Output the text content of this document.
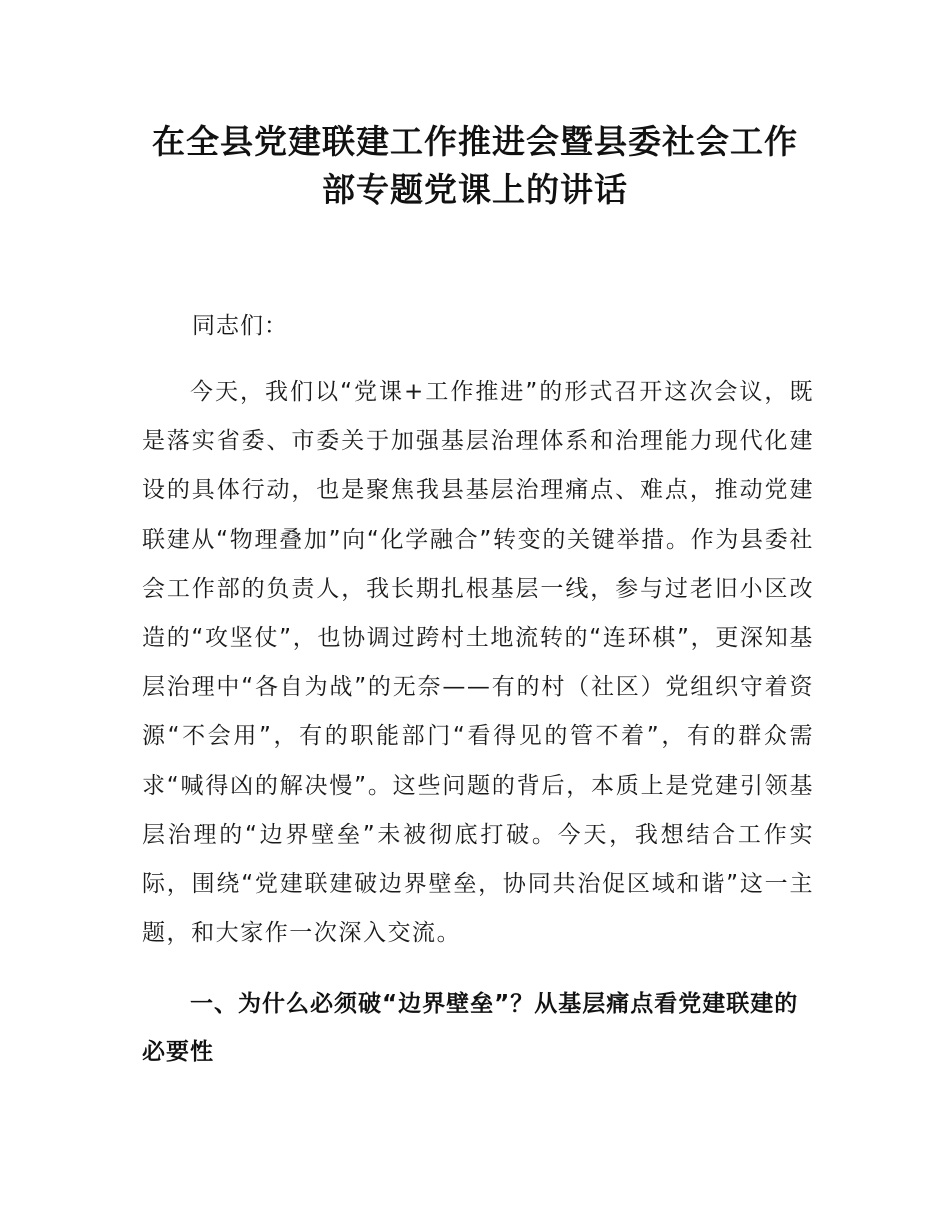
在全县党建联建工作推进会暨县委社会工作
部专题党课上的讲话

同志们：

今天，我们以“党课+工作推进”的形式召开这次会议，既是落实省委、市委关于加强基层治理体系和治理能力现代化建设的具体行动，也是聚焦我县基层治理痛点、难点，推动党建联建从“物理叠加”向“化学融合”转变的关键举措。作为县委社会工作部的负责人，我长期扎根基层一线，参与过老旧小区改造的“攻坚仗”，也协调过跨村土地流转的“连环棋”，更深知基层治理中“各自为战”的无奈——有的村（社区）党组织守着资源“不会用”，有的职能部门“看得见的管不着”，有的群众需求“喊得凶的解决慢”。这些问题的背后，本质上是党建引领基层治理的“边界壁垒”未被彻底打破。今天，我想结合工作实际，围绕“党建联建破边界壁垒，协同共治促区域和谐”这一主题，和大家作一次深入交流。

一、为什么必须破“边界壁垒”？从基层痛点看党建联建的必要性
